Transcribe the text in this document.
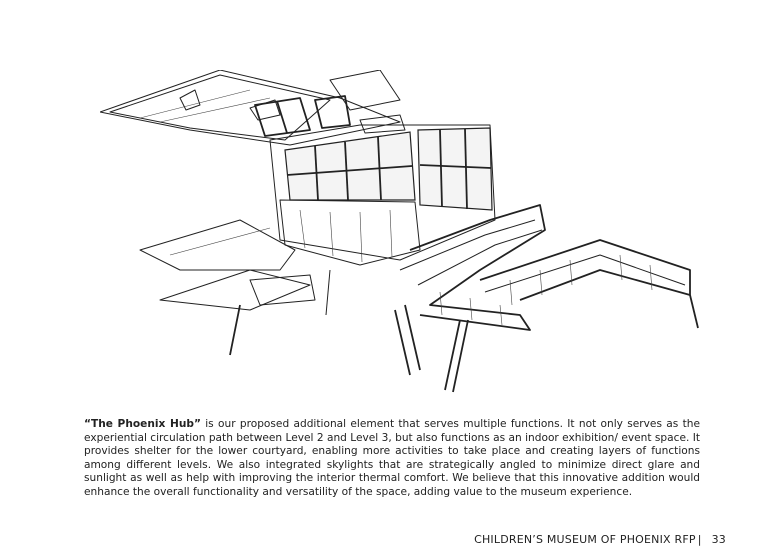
“The Phoenix Hub” is our proposed additional element that serves multiple functions. It not only serves as the experiential circulation path between Level 2 and Level 3, but also functions as an indoor exhibition/ event space. It provides shelter for the lower courtyard, enabling more activities to take place and creating layers of functions among different levels. We also integrated skylights that are strategically angled to minimize direct glare and sunlight as well as help with improving the interior thermal comfort. We believe that this innovative addition would enhance the overall functionality and versatility of the space, adding value to the museum experience.

CHILDREN’S MUSEUM OF PHOENIX RFP | 33
